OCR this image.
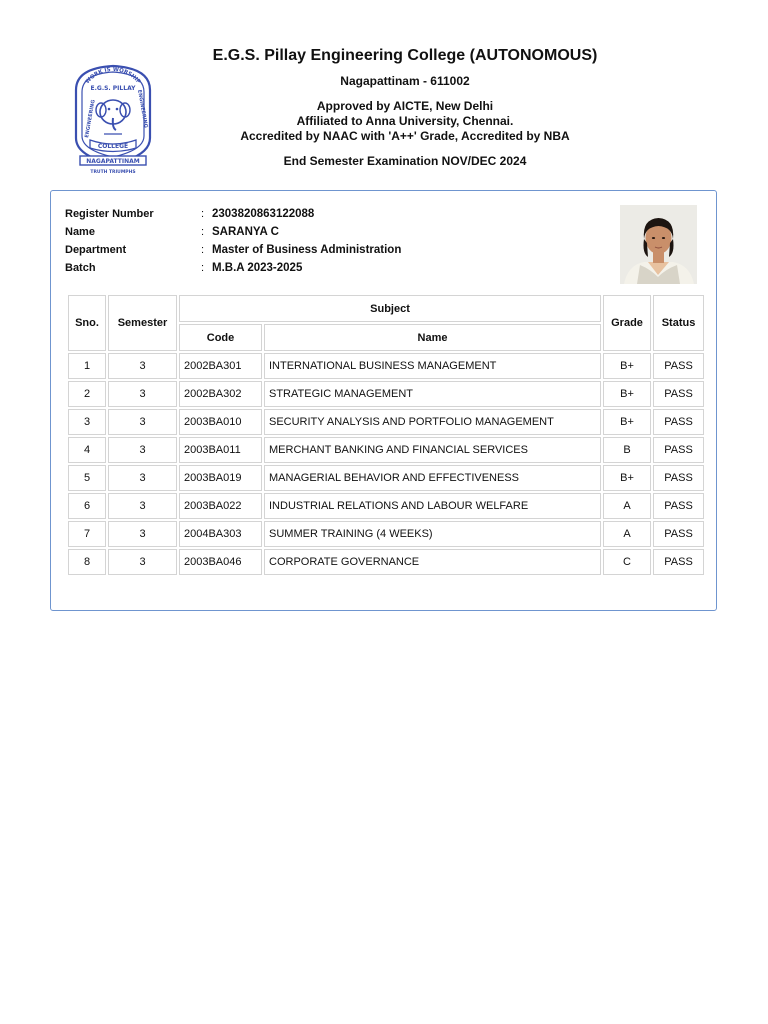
WORK IS WORSHIP
E.G.S. PILLAY
ENGINEERING	ENGINEERING
COLLEGE
NAGAPATTINAM
TRUTH TRIUMPHS
E.G.S. Pillay Engineering College (AUTONOMOUS)
Nagapattinam - 611002
Approved by AICTE, New Delhi
Affiliated to Anna University, Chennai.
Accredited by NAAC with 'A++' Grade, Accredited by NBA
End Semester Examination NOV/DEC 2024
Register Number	: 2303820863122088
Name	: SARANYA C
Department	: Master of Business Administration
Batch	: M.B.A 2023-2025
Sno.	Semester	Subject		Grade	Status
		Code	Name		
1	3	2002BA301	INTERNATIONAL BUSINESS MANAGEMENT	B+	PASS
2	3	2002BA302	STRATEGIC MANAGEMENT	B+	PASS
3	3	2003BA010	SECURITY ANALYSIS AND PORTFOLIO MANAGEMENT	B+	PASS
4	3	2003BA011	MERCHANT BANKING AND FINANCIAL SERVICES	B	PASS
5	3	2003BA019	MANAGERIAL BEHAVIOR AND EFFECTIVENESS	B+	PASS
6	3	2003BA022	INDUSTRIAL RELATIONS AND LABOUR WELFARE	A	PASS
7	3	2004BA303	SUMMER TRAINING (4 WEEKS)	A	PASS
8	3	2003BA046	CORPORATE GOVERNANCE	C	PASS
